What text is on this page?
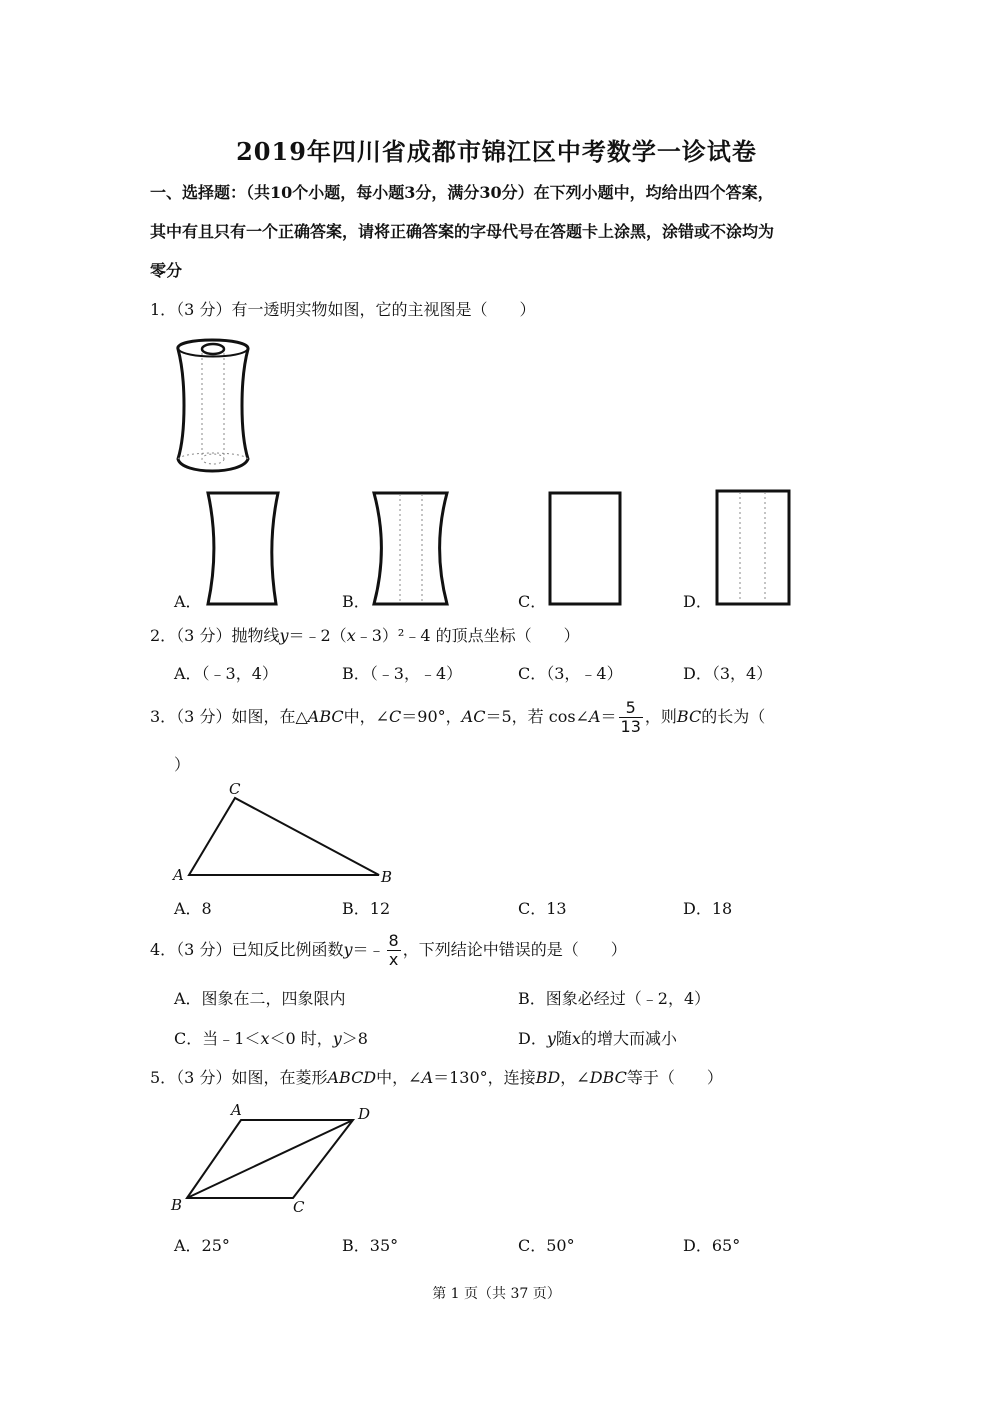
2019年四川省成都市锦江区中考数学一诊试卷
一、选择题：（共10个小题，每小题3分，满分30分）在下列小题中，均给出四个答案，
其中有且只有一个正确答案，请将正确答案的字母代号在答题卡上涂黑，涂错或不涂均为
零分
1．（3 分）有一透明实物如图，它的主视图是（　　）
A．	B．	C．	D．
2．（3 分）抛物线y＝﹣2（x﹣3）²﹣4 的顶点坐标（　　）
A．（﹣3，4）	B．（﹣3，﹣4）	C．（3，﹣4）	D．（3，4）
3．（3 分）如图，在△ABC中，∠C＝90°，AC＝5，若 cos∠A＝ $\frac{5}{13}$ ，则BC的长为（
）
A
C
B
A．8	B．12	C．13	D．18
4．（3 分）已知反比例函数y＝﹣ $\frac{8}{x}$ ，下列结论中错误的是（　　）
A．图象在二，四象限内	B．图象必经过（﹣2，4）
C．当﹣1＜x＜0 时，y＞8	D．y随x的增大而减小
5．（3 分）如图，在菱形ABCD中，∠A＝130°，连接BD，∠DBC等于（　　）
A	D
B	C
A．25°	B．35°	C．50°	D．65°
第 1 页（共 37 页）
